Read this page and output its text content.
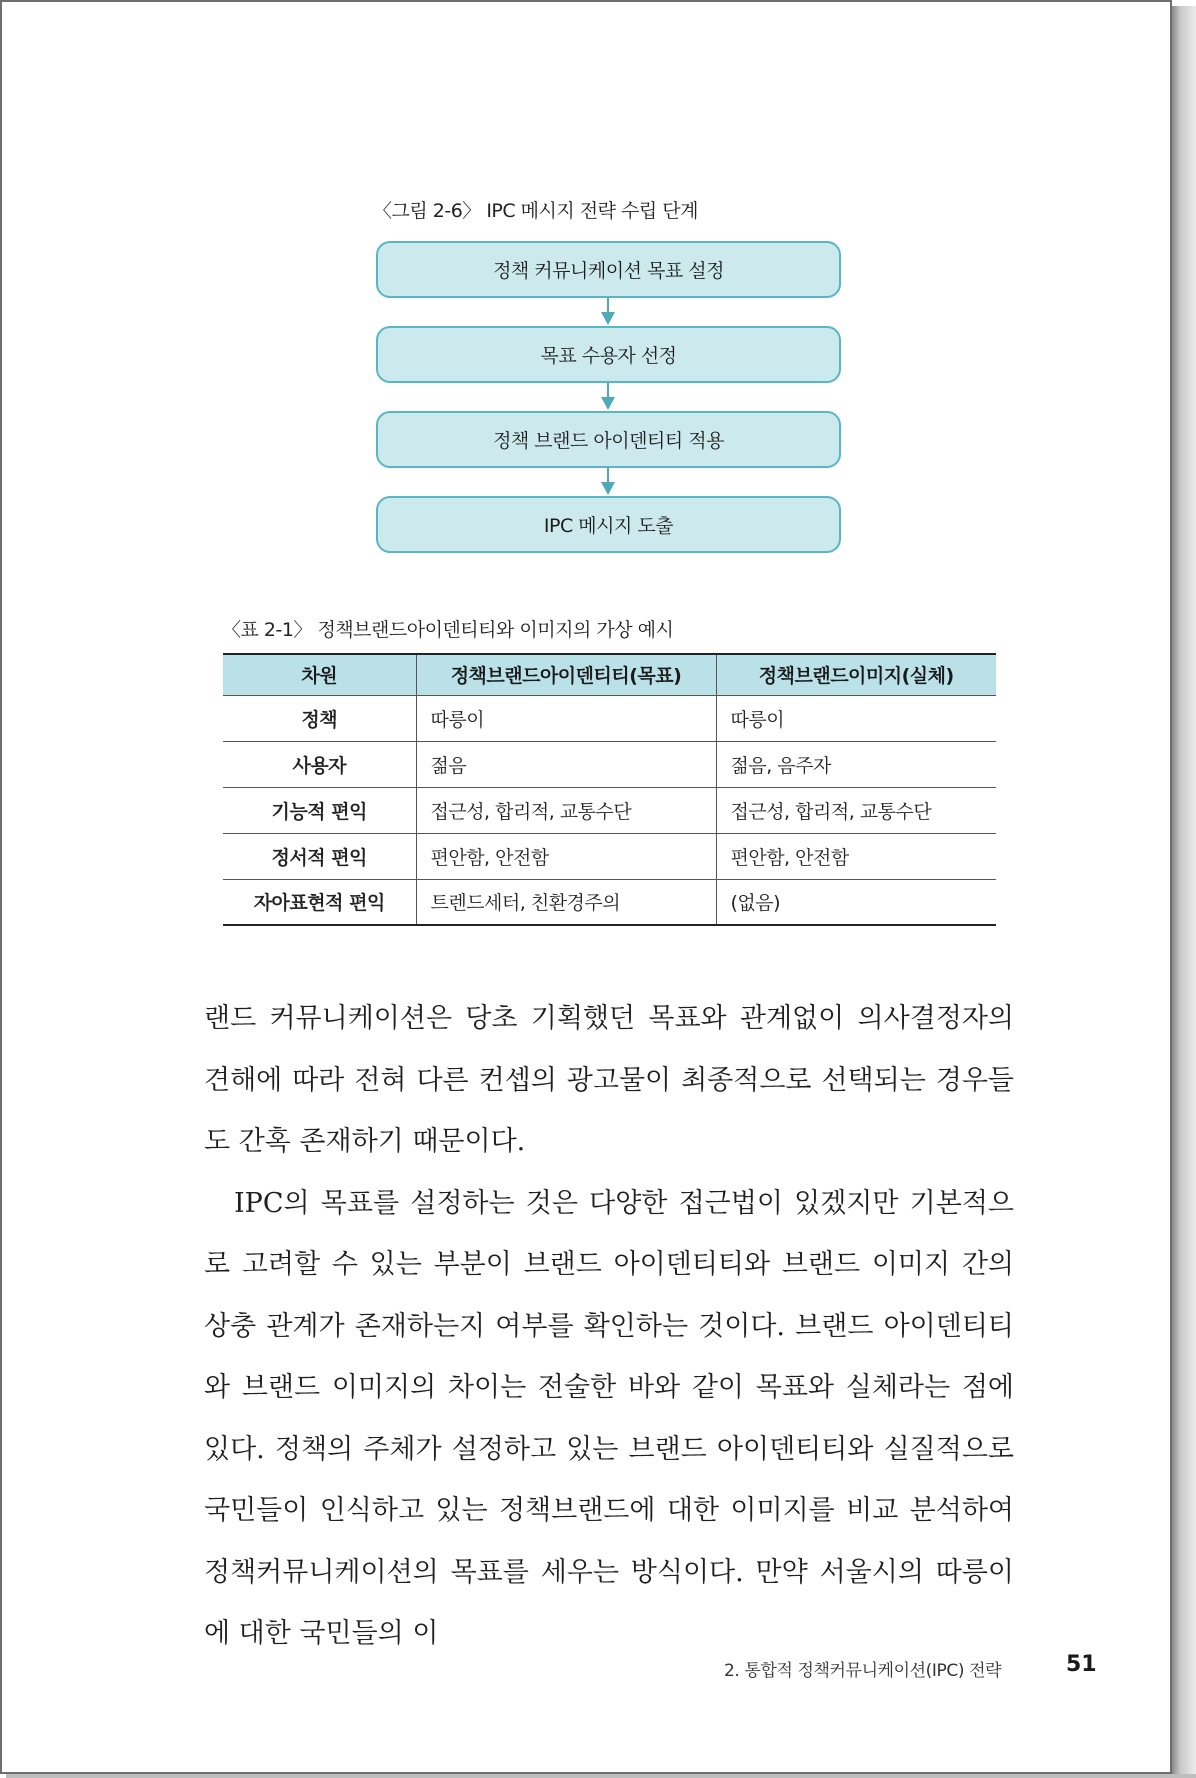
〈그림 2-6〉 IPC 메시지 전략 수립 단계
정책 커뮤니케이션 목표 설정
목표 수용자 선정
정책 브랜드 아이덴티티 적용
IPC 메시지 도출
〈표 2-1〉 정책브랜드아이덴티티와 이미지의 가상 예시
차원	정책브랜드아이덴티티(목표)	정책브랜드이미지(실체)
정책	따릉이	따릉이
사용자	젊음	젊음, 음주자
기능적 편익	접근성, 합리적, 교통수단	접근성, 합리적, 교통수단
정서적 편익	편안함, 안전함	편안함, 안전함
자아표현적 편익	트렌드세터, 친환경주의	(없음)

랜드 커뮤니케이션은 당초 기획했던 목표와 관계없이 의사결정자의 견해에 따라 전혀 다른 컨셉의 광고물이 최종적으로 선택되는 경우들도 간혹 존재하기 때문이다.

IPC의 목표를 설정하는 것은 다양한 접근법이 있겠지만 기본적으로 고려할 수 있는 부분이 브랜드 아이덴티티와 브랜드 이미지 간의 상충 관계가 존재하는지 여부를 확인하는 것이다. 브랜드 아이덴티티와 브랜드 이미지의 차이는 전술한 바와 같이 목표와 실체라는 점에 있다. 정책의 주체가 설정하고 있는 브랜드 아이덴티티와 실질적으로 국민들이 인식하고 있는 정책브랜드에 대한 이미지를 비교 분석하여 정책커뮤니케이션의 목표를 세우는 방식이다. 만약 서울시의 따릉이에 대한 국민들의 이

2. 통합적 정책커뮤니케이션(IPC) 전략	51
